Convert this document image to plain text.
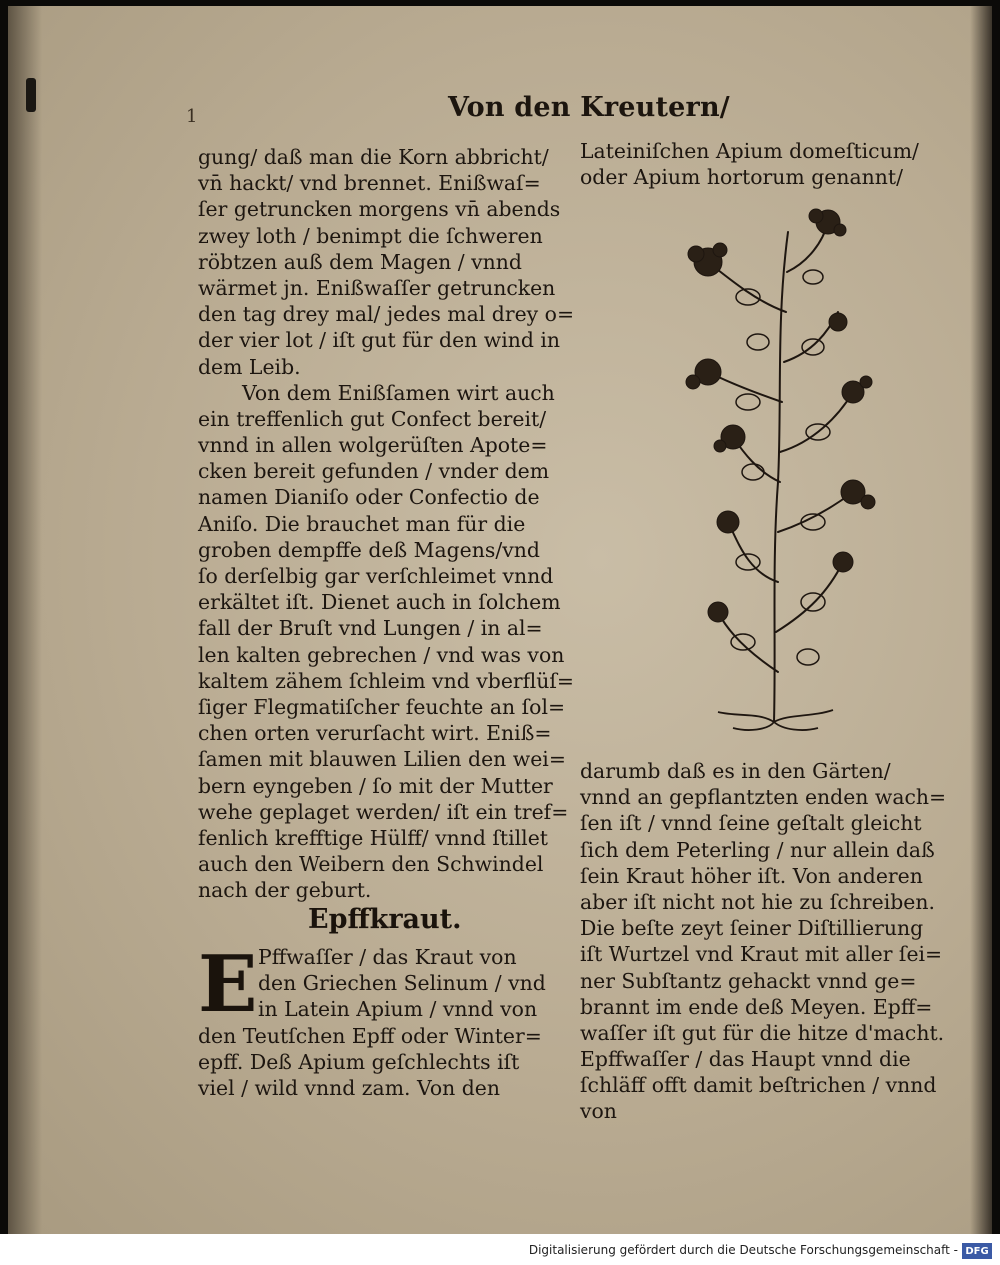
1	Von den Kreutern/
gung/ daß man die Korn abbricht/
vn̄ hackt/ vnd brennet. Enißwaſ=
ſer getruncken morgens vn̄ abends
zwey loth / benimpt die ſchweren
röbtzen auß dem Magen / vnnd
wärmet jn. Enißwaſſer getruncken
den tag drey mal/ jedes mal drey o=
der vier lot / iſt gut für den wind in
dem Leib.
Von dem Enißſamen wirt auch
ein treffenlich gut Confect bereit/
vnnd in allen wolgerüſten Apote=
cken bereit gefunden / vnder dem
namen Dianiſo oder Confectio de
Aniſo. Die brauchet man für die
groben dempffe deß Magens/vnd
ſo derſelbig gar verſchleimet vnnd
erkältet iſt. Dienet auch in ſolchem
fall der Bruſt vnd Lungen / in al=
len kalten gebrechen / vnd was von
kaltem zähem ſchleim vnd vberflüſ=
ſiger Flegmatiſcher feuchte an ſol=
chen orten verurſacht wirt. Eniß=
ſamen mit blauwen Lilien den wei=
bern eyngeben / ſo mit der Mutter
wehe geplaget werden/ iſt ein tref=
fenlich krefftige Hülff/ vnnd ſtillet
auch den Weibern den Schwindel
nach der geburt.
Lateiniſchen Apium domeſticum/
oder Apium hortorum genannt/
darumb daß es in den Gärten/
vnnd an gepflantzten enden wach=
ſen iſt / vnnd ſeine geſtalt gleicht
ſich dem Peterling / nur allein daß
ſein Kraut höher iſt. Von anderen
aber iſt nicht not hie zu ſchreiben.
Die beſte zeyt ſeiner Diſtillierung
iſt Wurtzel vnd Kraut mit aller ſei=
ner Subſtantz gehackt vnnd ge=
brannt im ende deß Meyen. Epff=
waſſer iſt gut für die hitze d'macht.
Epffwaſſer / das Haupt vnnd die
ſchläff offt damit beſtrichen / vnnd
von
Epffkraut.
E Pffwaſſer / das Kraut von
den Griechen Selinum / vnd
in Latein Apium / vnnd von
den Teutſchen Epff oder Winter=
epff. Deß Apium geſchlechts iſt
viel / wild vnnd zam. Von den
Digitalisierung gefördert durch die Deutsche Forschungsgemeinschaft - DFG
